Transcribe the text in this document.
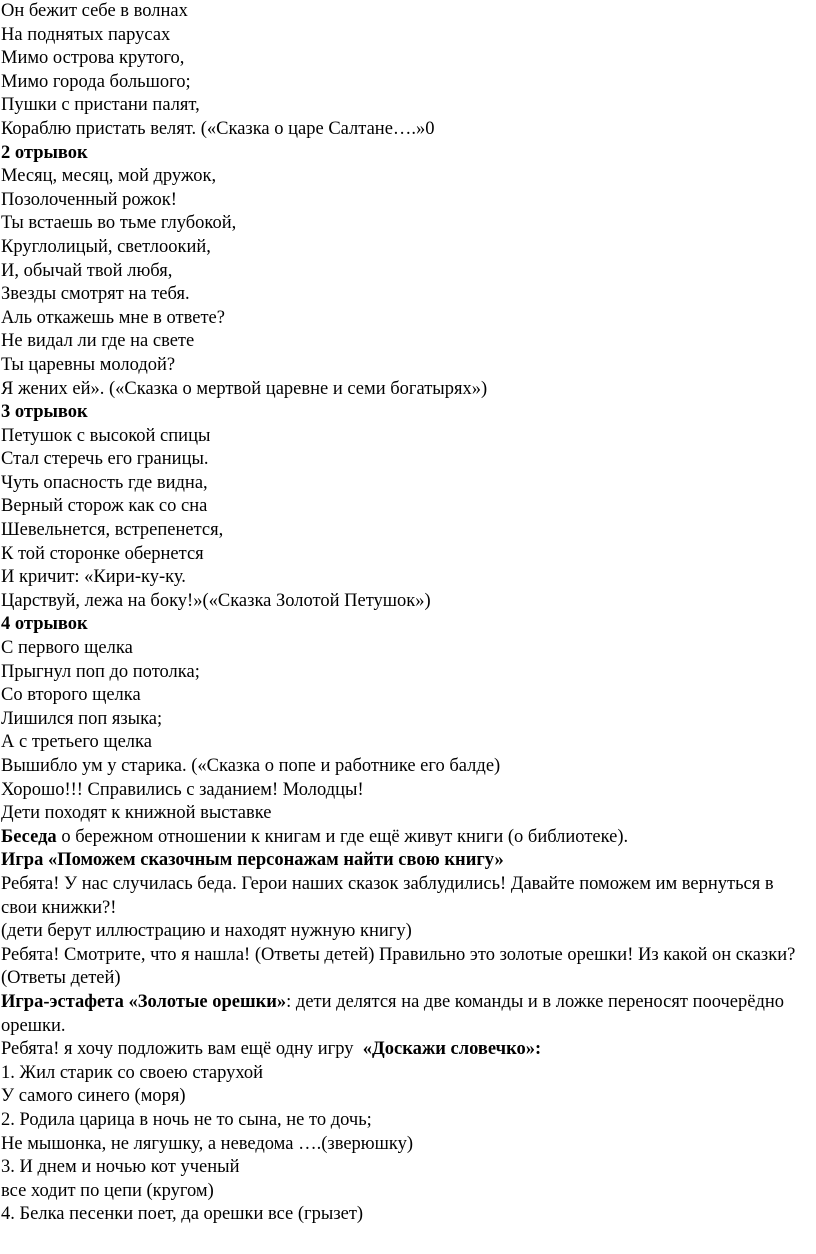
Он бежит себе в волнах

На поднятых парусах

Мимо острова крутого,

Мимо города большого;

Пушки с пристани палят,

Кораблю пристать велят. («Сказка о царе Салтане….»0

2 отрывок

Месяц, месяц, мой дружок,

Позолоченный рожок!

Ты встаешь во тьме глубокой,

Круглолицый, светлоокий,

И, обычай твой любя,

Звезды смотрят на тебя.

Аль откажешь мне в ответе?

Не видал ли где на свете

Ты царевны молодой?

Я жених ей». («Сказка о мертвой царевне и семи богатырях»)

3 отрывок

Петушок с высокой спицы

Стал стеречь его границы.

Чуть опасность где видна,

Верный сторож как со сна

Шевельнется, встрепенется,

К той сторонке обернется

И кричит: «Кири-ку-ку.

Царствуй, лежа на боку!»(«Сказка Золотой Петушок»)

4 отрывок

С первого щелка

Прыгнул поп до потолка;

Со второго щелка

Лишился поп языка;

А с третьего щелка

Вышибло ум у старика. («Сказка о попе и работнике его балде)

Хорошо!!! Справились с заданием! Молодцы!

Дети походят к книжной выставке

Беседа о бережном отношении к книгам и где ещё живут книги (о библиотеке).

Игра «Поможем сказочным персонажам найти свою книгу»

Ребята! У нас случилась беда. Герои наших сказок заблудились! Давайте поможем им вернуться в свои книжки?!

(дети берут иллюстрацию и находят нужную книгу)

Ребята! Смотрите, что я нашла! (Ответы детей) Правильно это золотые орешки! Из какой он сказки? (Ответы детей)

Игра-эстафета «Золотые орешки»: дети делятся на две команды и в ложке переносят поочерёдно орешки.

Ребята! я хочу подложить вам ещё одну игру  «Доскажи словечко»:

1. Жил старик со своею старухой

У самого синего (моря)

2. Родила царица в ночь не то сына, не то дочь;

Не мышонка, не лягушку, а неведома ….(зверюшку)

3. И днем и ночью кот ученый

все ходит по цепи (кругом)

4. Белка песенки поет, да орешки все (грызет)
